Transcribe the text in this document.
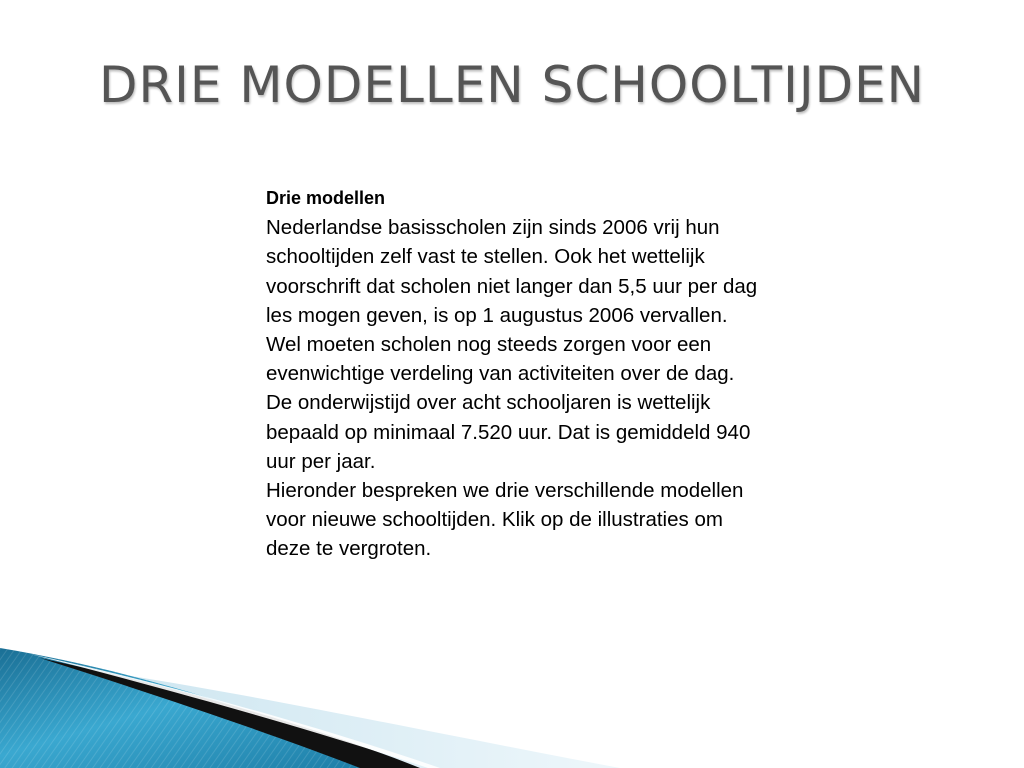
DRIE MODELLEN SCHOOLTIJDEN

Drie modellen

Nederlandse basisscholen zijn sinds 2006 vrij hun schooltijden zelf vast te stellen. Ook het wettelijk voorschrift dat scholen niet langer dan 5,5 uur per dag les mogen geven, is op 1 augustus 2006 vervallen. Wel moeten scholen nog steeds zorgen voor een evenwichtige verdeling van activiteiten over de dag. De onderwijstijd over acht schooljaren is wettelijk bepaald op minimaal 7.520 uur. Dat is gemiddeld 940 uur per jaar.

Hieronder bespreken we drie verschillende modellen voor nieuwe schooltijden. Klik op de illustraties om deze te vergroten.
